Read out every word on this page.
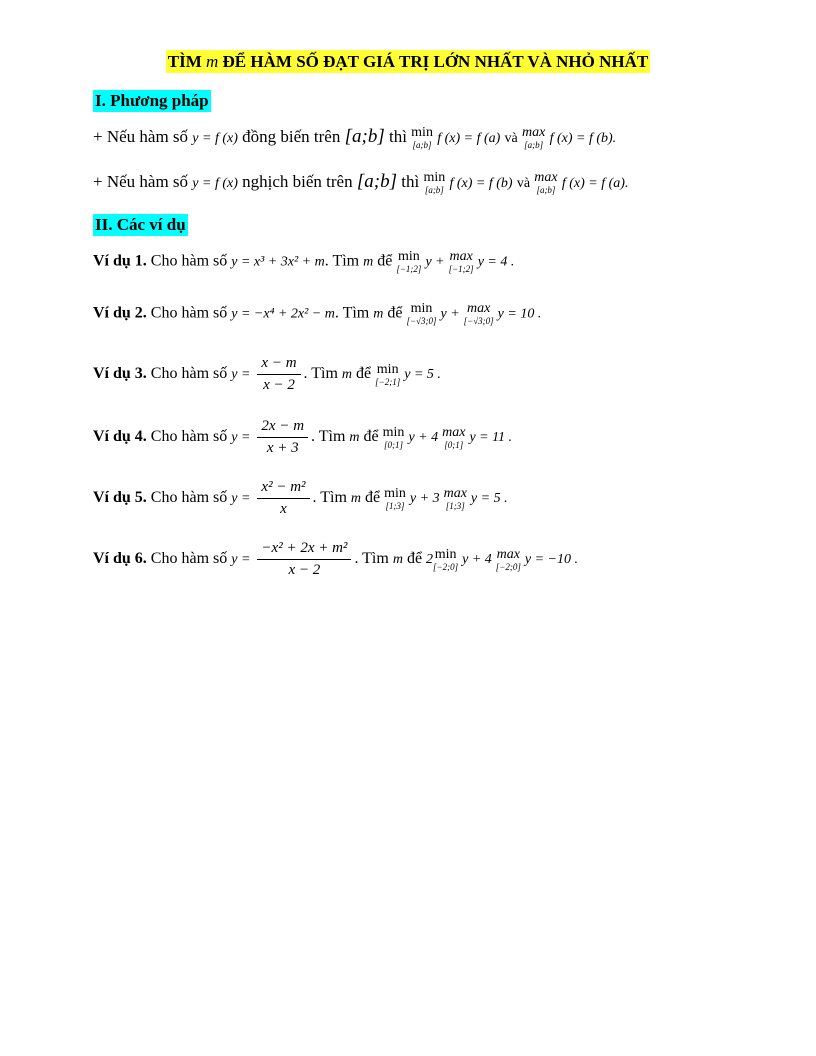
TÌM m ĐỂ HÀM SỐ ĐẠT GIÁ TRỊ LỚN NHẤT VÀ NHỎ NHẤT
I. Phương pháp
+ Nếu hàm số y = f (x) đồng biến trên [a;b] thì min
[a;b] f (x) = f (a) và max
[a;b] f (x) = f (b).
+ Nếu hàm số y = f (x) nghịch biến trên [a;b] thì min
[a;b] f (x) = f (b) và max
[a;b] f (x) = f (a).
II. Các ví dụ
Ví dụ 1. Cho hàm số y = x³ + 3x² + m. Tìm m để min
[−1;2] y + max
[−1;2] y = 4 .
Ví dụ 2. Cho hàm số y = −x⁴ + 2x² − m. Tìm m để min
[−√3;0] y + max
[−√3;0] y = 10 .
Ví dụ 3. Cho hàm số $y = \frac{x - m}{x - 2}$ . Tìm m để min
[−2;1] y = 5 .
Ví dụ 4. Cho hàm số $y = \frac{2x - m}{x + 3}$ . Tìm m để min
[0;1] y + 4 max
[0;1] y = 11 .
Ví dụ 5. Cho hàm số $y = \frac{\text{x² − m²}}{x}$ . Tìm m để min
[1;3] y + 3 max
[1;3] y = 5 .
Ví dụ 6. Cho hàm số $y = \frac{\text{−x² + 2x + m²}}{x - 2}$ . Tìm m để 2 min
[−2;0] y + 4 max
[−2;0] y = −10 .
